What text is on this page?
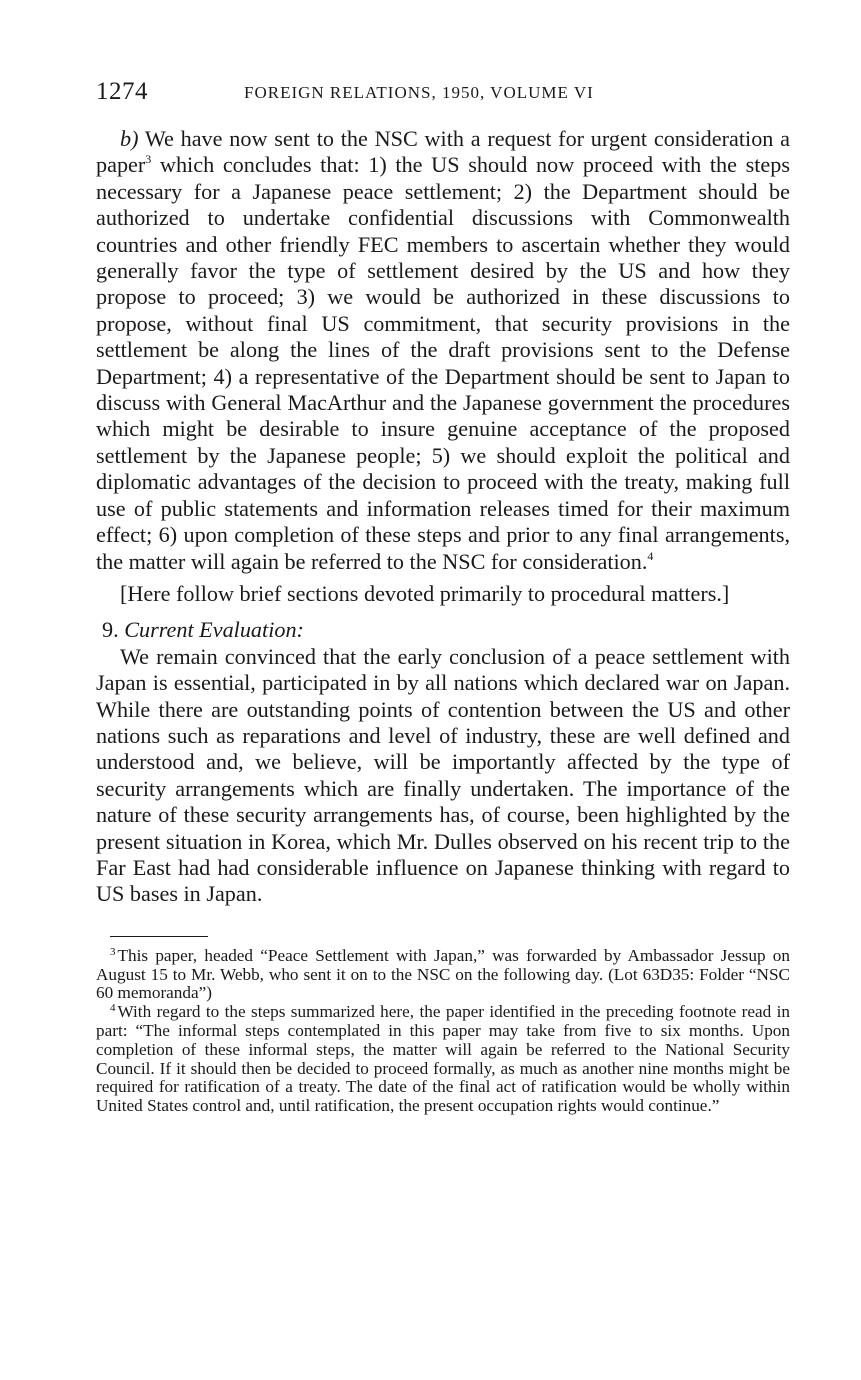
1274	FOREIGN RELATIONS, 1950, VOLUME VI

b) We have now sent to the NSC with a request for urgent consideration a paper$^3$ which concludes that: 1) the US should now proceed with the steps necessary for a Japanese peace settlement; 2) the Department should be authorized to undertake confidential discussions with Commonwealth countries and other friendly FEC members to ascertain whether they would generally favor the type of settlement desired by the US and how they propose to proceed; 3) we would be authorized in these discussions to propose, without final US commitment, that security provisions in the settlement be along the lines of the draft provisions sent to the Defense Department; 4) a representative of the Department should be sent to Japan to discuss with General MacArthur and the Japanese government the procedures which might be desirable to insure genuine acceptance of the proposed settlement by the Japanese people; 5) we should exploit the political and diplomatic advantages of the decision to proceed with the treaty, making full use of public statements and information releases timed for their maximum effect; 6) upon completion of these steps and prior to any final arrangements, the matter will again be referred to the NSC for consideration.$^4$

[Here follow brief sections devoted primarily to procedural matters.]

9. Current Evaluation:

We remain convinced that the early conclusion of a peace settlement with Japan is essential, participated in by all nations which declared war on Japan. While there are outstanding points of contention between the US and other nations such as reparations and level of industry, these are well defined and understood and, we believe, will be importantly affected by the type of security arrangements which are finally undertaken. The importance of the nature of these security arrangements has, of course, been highlighted by the present situation in Korea, which Mr. Dulles observed on his recent trip to the Far East had had considerable influence on Japanese thinking with regard to US bases in Japan.

$^3$ This paper, headed “Peace Settlement with Japan,” was forwarded by Ambassador Jessup on August 15 to Mr. Webb, who sent it on to the NSC on the following day. (Lot 63D35: Folder “NSC 60 memoranda”)

$^4$ With regard to the steps summarized here, the paper identified in the preceding footnote read in part: “The informal steps contemplated in this paper may take from five to six months. Upon completion of these informal steps, the matter will again be referred to the National Security Council. If it should then be decided to proceed formally, as much as another nine months might be required for ratification of a treaty. The date of the final act of ratification would be wholly within United States control and, until ratification, the present occupation rights would continue.”
